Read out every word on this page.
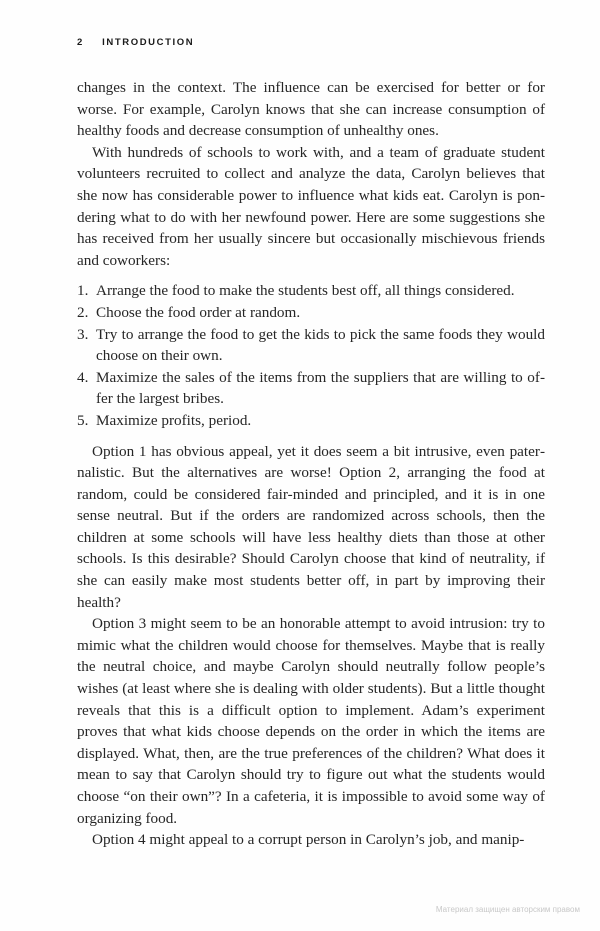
2 INTRODUCTION

changes in the context. The influence can be exercised for better or for worse. For example, Carolyn knows that she can increase consumption of healthy foods and decrease consumption of unhealthy ones.

With hundreds of schools to work with, and a team of graduate student volunteers recruited to collect and analyze the data, Carolyn believes that she now has considerable power to influence what kids eat. Carolyn is pondering what to do with her newfound power. Here are some suggestions she has received from her usually sincere but occasionally mischievous friends and coworkers:

1. Arrange the food to make the students best off, all things considered.
2. Choose the food order at random.
3. Try to arrange the food to get the kids to pick the same foods they would choose on their own.
4. Maximize the sales of the items from the suppliers that are willing to offer the largest bribes.
5. Maximize profits, period.

Option 1 has obvious appeal, yet it does seem a bit intrusive, even paternalistic. But the alternatives are worse! Option 2, arranging the food at random, could be considered fair-minded and principled, and it is in one sense neutral. But if the orders are randomized across schools, then the children at some schools will have less healthy diets than those at other schools. Is this desirable? Should Carolyn choose that kind of neutrality, if she can easily make most students better off, in part by improving their health?

Option 3 might seem to be an honorable attempt to avoid intrusion: try to mimic what the children would choose for themselves. Maybe that is really the neutral choice, and maybe Carolyn should neutrally follow people’s wishes (at least where she is dealing with older students). But a little thought reveals that this is a difficult option to implement. Adam’s experiment proves that what kids choose depends on the order in which the items are displayed. What, then, are the true preferences of the children? What does it mean to say that Carolyn should try to figure out what the students would choose “on their own”? In a cafeteria, it is impossible to avoid some way of organizing food.

Option 4 might appeal to a corrupt person in Carolyn’s job, and manip-

Материал защищен авторским правом
